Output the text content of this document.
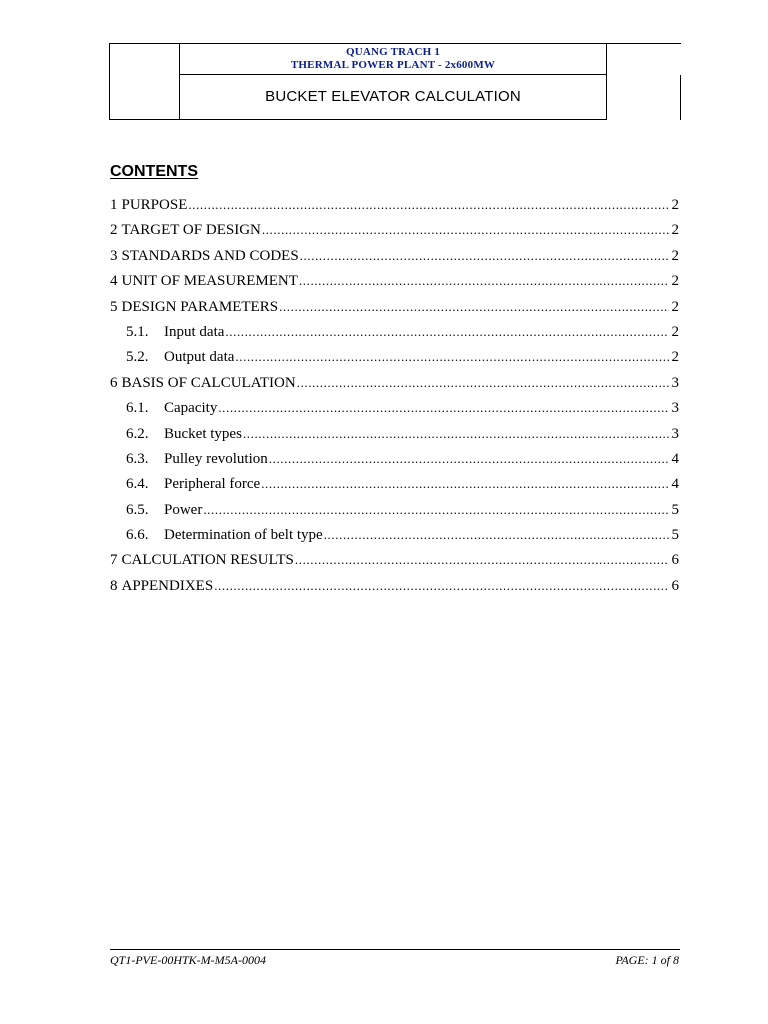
	QUANG TRACH 1
THERMAL POWER PLANT - 2x600MW	

	BUCKET ELEVATOR CALCULATION	
CONTENTS
1 PURPOSE .....	2
2 TARGET OF DESIGN .....	2
3 STANDARDS AND CODES .....	2
4 UNIT OF MEASUREMENT .....	2
5 DESIGN PARAMETERS .....	2
5.1.	Input data .....	2
5.2.	Output data .....	2
6 BASIS OF CALCULATION .....	3
6.1.	Capacity .....	3
6.2.	Bucket types .....	3
6.3.	Pulley revolution .....	4
6.4.	Peripheral force .....	4
6.5.	Power .....	5
6.6.	Determination of belt type .....	5
7 CALCULATION RESULTS .....	6
8 APPENDIXES .....	6
QT1-PVE-00HTK-M-M5A-0004	PAGE: 1 of 8
